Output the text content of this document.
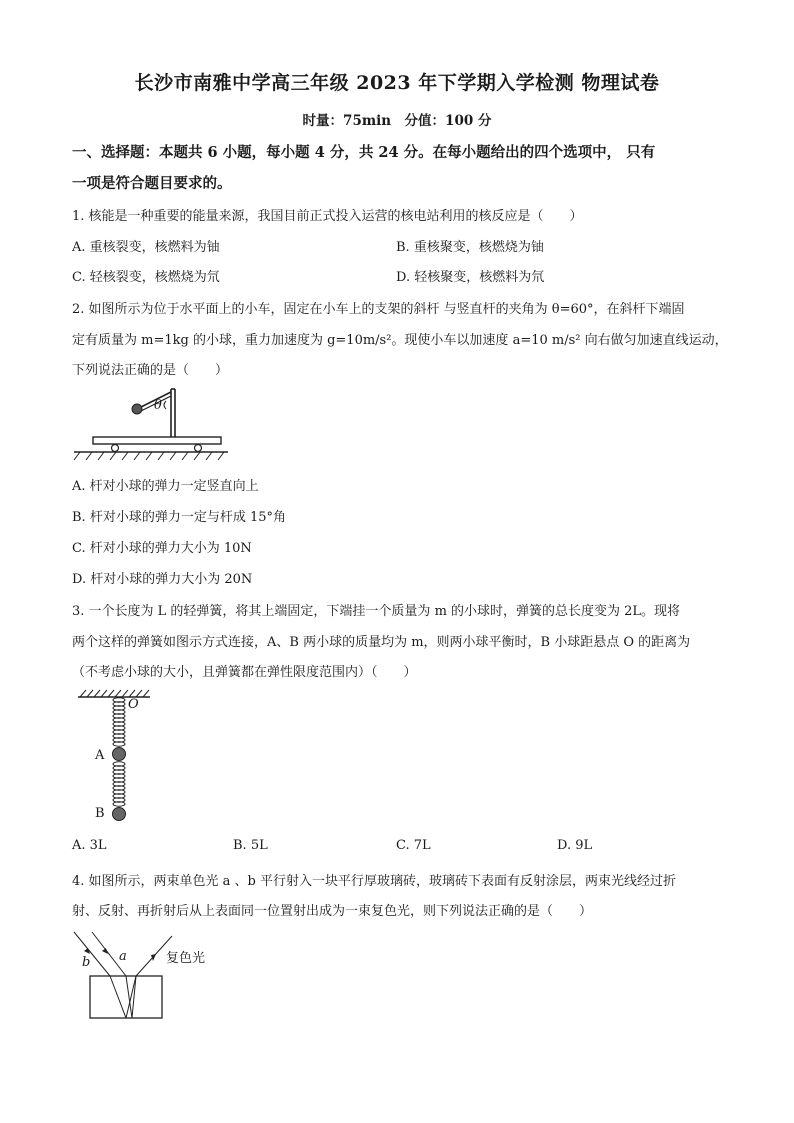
长沙市南雅中学高三年级 2023 年下学期入学检测 物理试卷
时量：75min　分值：100 分
一、选择题：本题共 6 小题，每小题 4 分，共 24 分。在每小题给出的四个选项中， 只有
一项是符合题目要求的。
1. 核能是一种重要的能量来源，我国目前正式投入运营的核电站利用的核反应是（　　）
A. 重核裂变，核燃料为铀	B. 重核聚变，核燃烧为铀
C. 轻核裂变，核燃烧为氘	D. 轻核聚变，核燃料为氘
2. 如图所示为位于水平面上的小车，固定在小车上的支架的斜杆 与竖直杆的夹角为 θ=60°，在斜杆下端固
定有质量为 m=1kg 的小球，重力加速度为 g=10m/s²。现使小车以加速度 a=10 m/s² 向右做匀加速直线运动，
下列说法正确的是（　　）
θ
A. 杆对小球的弹力一定竖直向上
B. 杆对小球的弹力一定与杆成 15°角
C. 杆对小球的弹力大小为 10N
D. 杆对小球的弹力大小为 20N
3. 一个长度为 L 的轻弹簧，将其上端固定，下端挂一个质量为 m 的小球时，弹簧的总长度变为 2L。现将
两个这样的弹簧如图示方式连接，A、B 两小球的质量均为 m，则两小球平衡时，B 小球距悬点 O 的距离为
（不考虑小球的大小，且弹簧都在弹性限度范围内）（　　）
O
A
B
A. 3L	B. 5L	C. 7L	D. 9L
4. 如图所示，两束单色光 a 、b 平行射入一块平行厚玻璃砖，玻璃砖下表面有反射涂层，两束光线经过折
射、反射、再折射后从上表面同一位置射出成为一束复色光，则下列说法正确的是（　　）
b a	复色光
